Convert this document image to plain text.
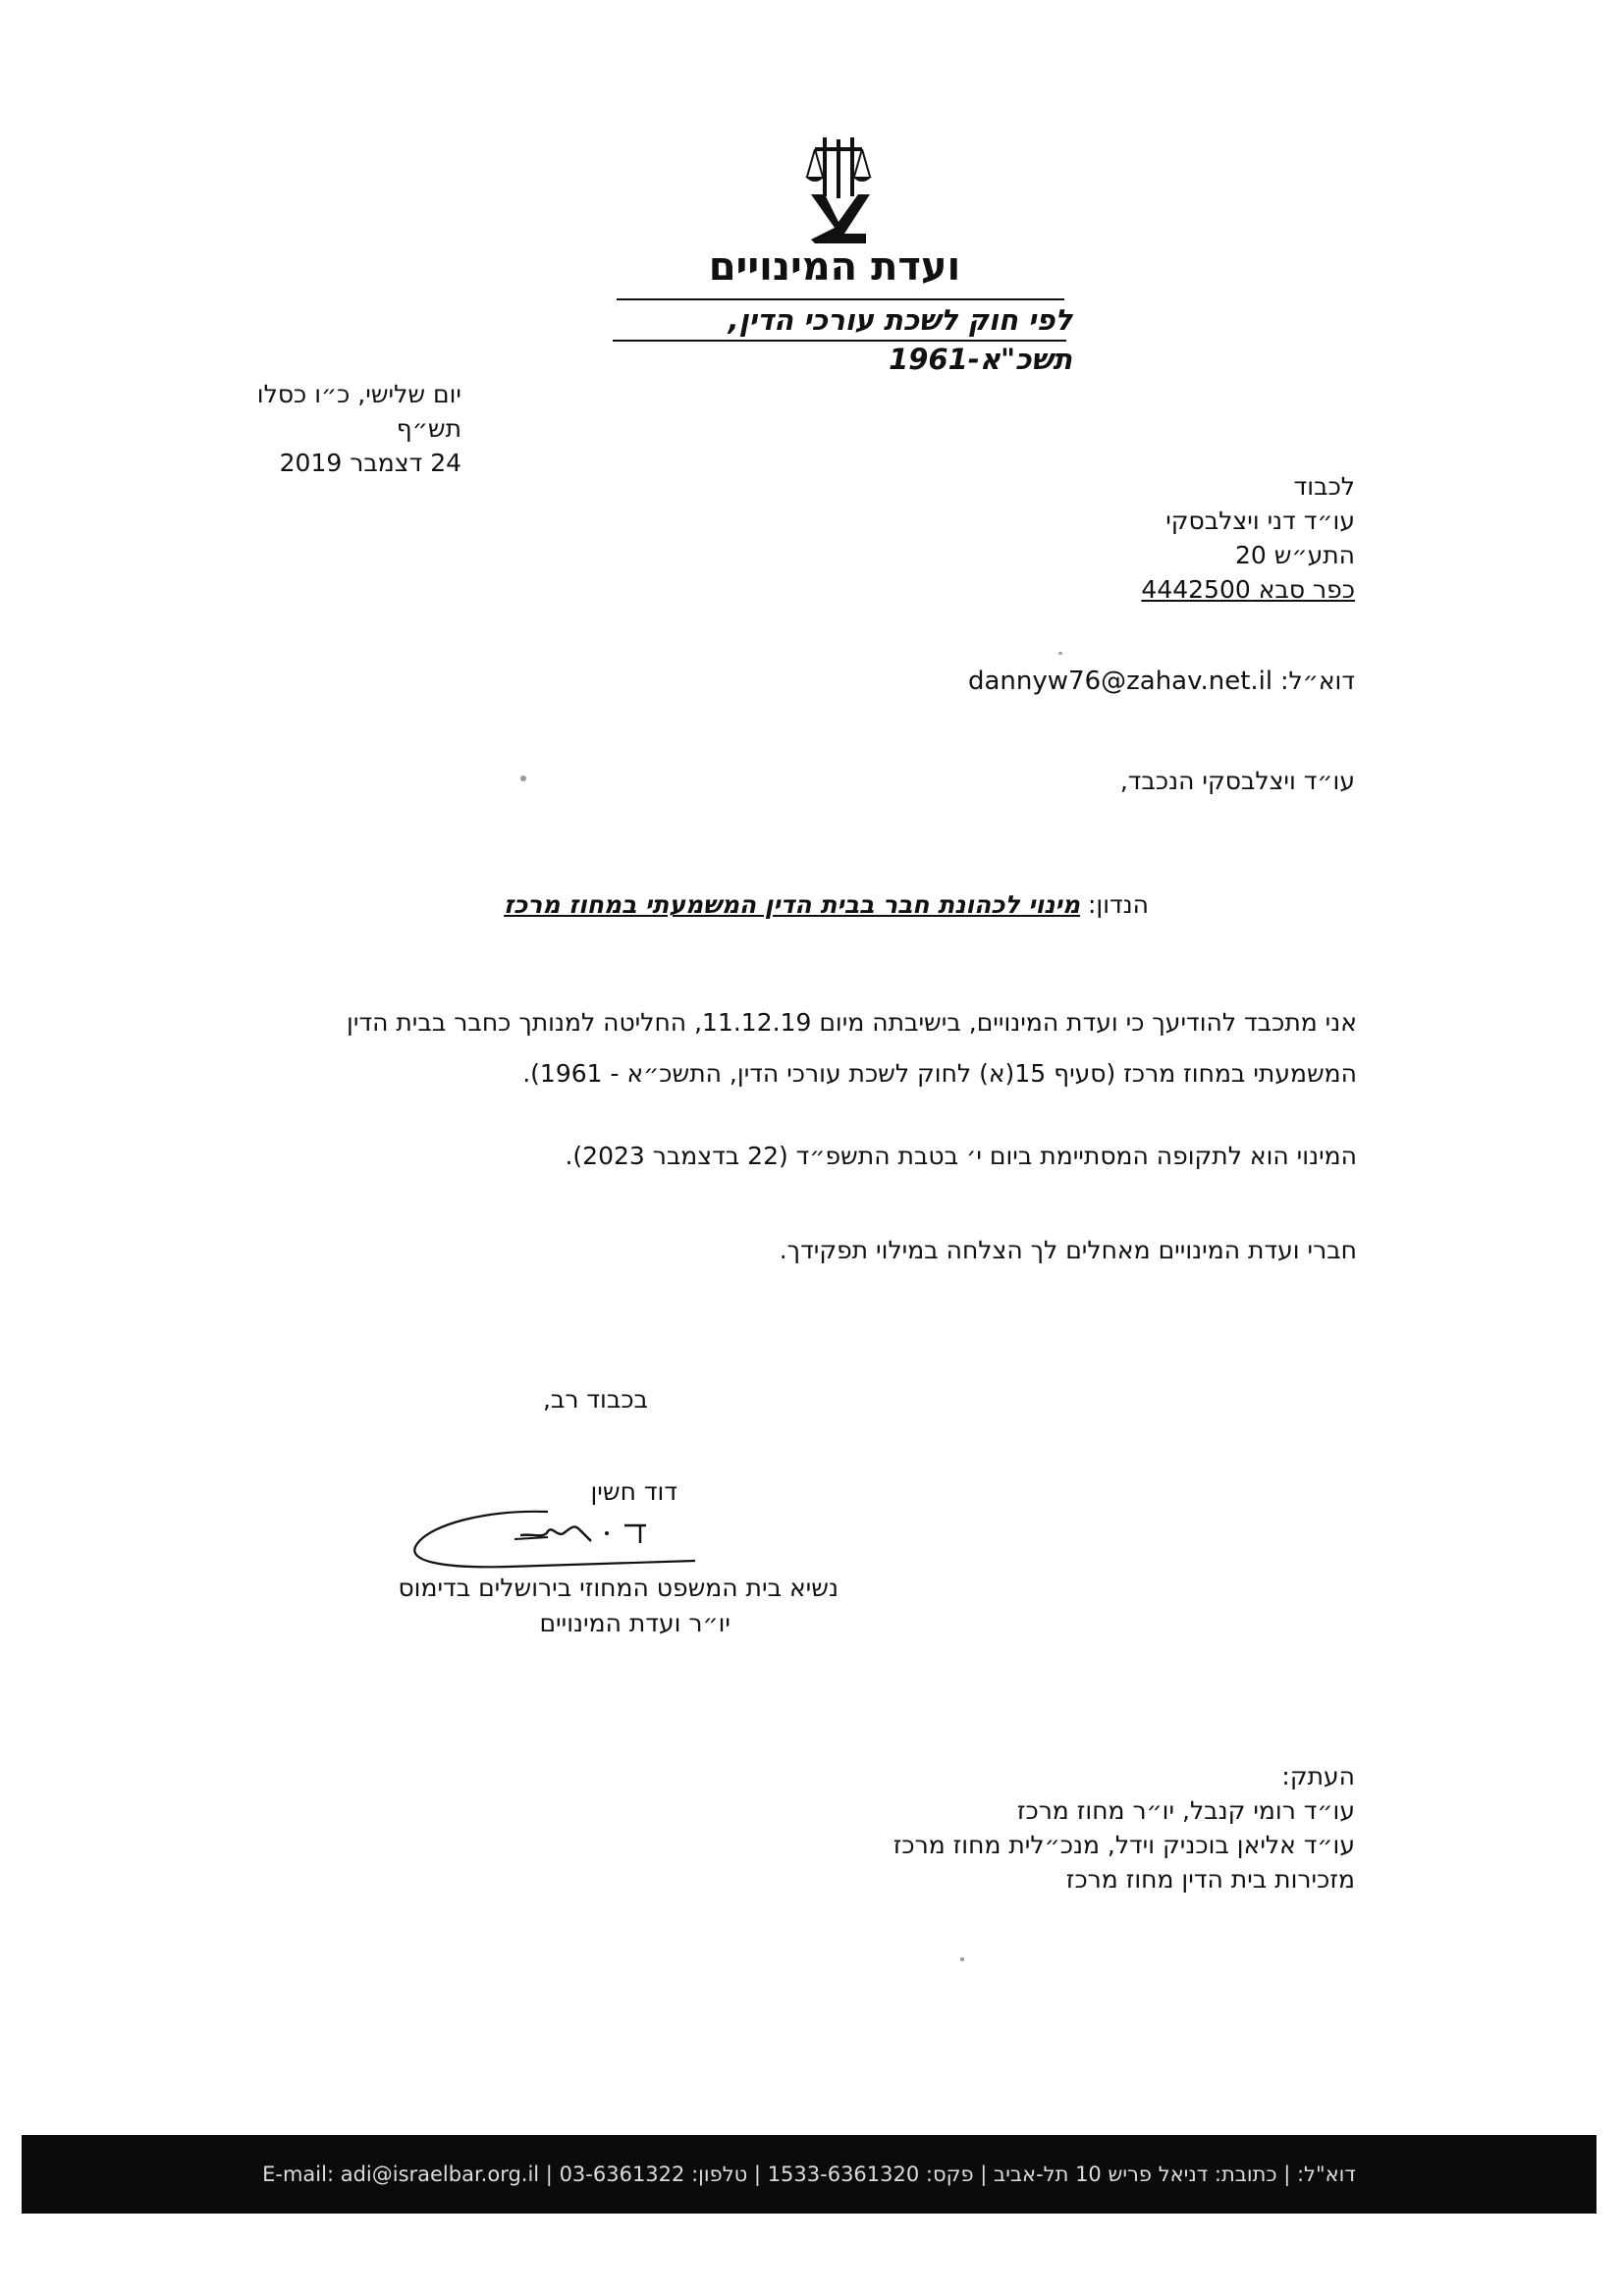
ועדת המינויים
לפי חוק לשכת עורכי הדין, תשכ"א-1961
יום שלישי, כ״ו כסלו תש״ף
24 דצמבר 2019
לכבוד
עו״ד דני ויצלבסקי
התע״ש 20
כפר סבא 4442500
דוא״ל: dannyw76@zahav.net.il
עו״ד ויצלבסקי הנכבד,
הנדון: מינוי לכהונת חבר בבית הדין המשמעתי במחוז מרכז
אני מתכבד להודיעך כי ועדת המינויים, בישיבתה מיום 11.12.19, החליטה למנותך כחבר בבית הדין המשמעתי במחוז מרכז (סעיף 15(א) לחוק לשכת עורכי הדין, התשכ״א - 1961).
המינוי הוא לתקופה המסתיימת ביום י׳ בטבת התשפ״ד (22 בדצמבר 2023).
חברי ועדת המינויים מאחלים לך הצלחה במילוי תפקידך.
בכבוד רב,
דוד חשין
נשיא בית המשפט המחוזי בירושלים בדימוס
יו״ר ועדת המינויים
העתק:
עו״ד רומי קנבל, יו״ר מחוז מרכז
עו״ד אליאן בוכניק וידל, מנכ״לית מחוז מרכז
מזכירות בית הדין מחוז מרכז
E-mail: adi@israelbar.org.il | דוא"ל: | כתובת: דניאל פריש 10 תל-אביב | פקס: 1533-6361320 | טלפון: 03-6361322
